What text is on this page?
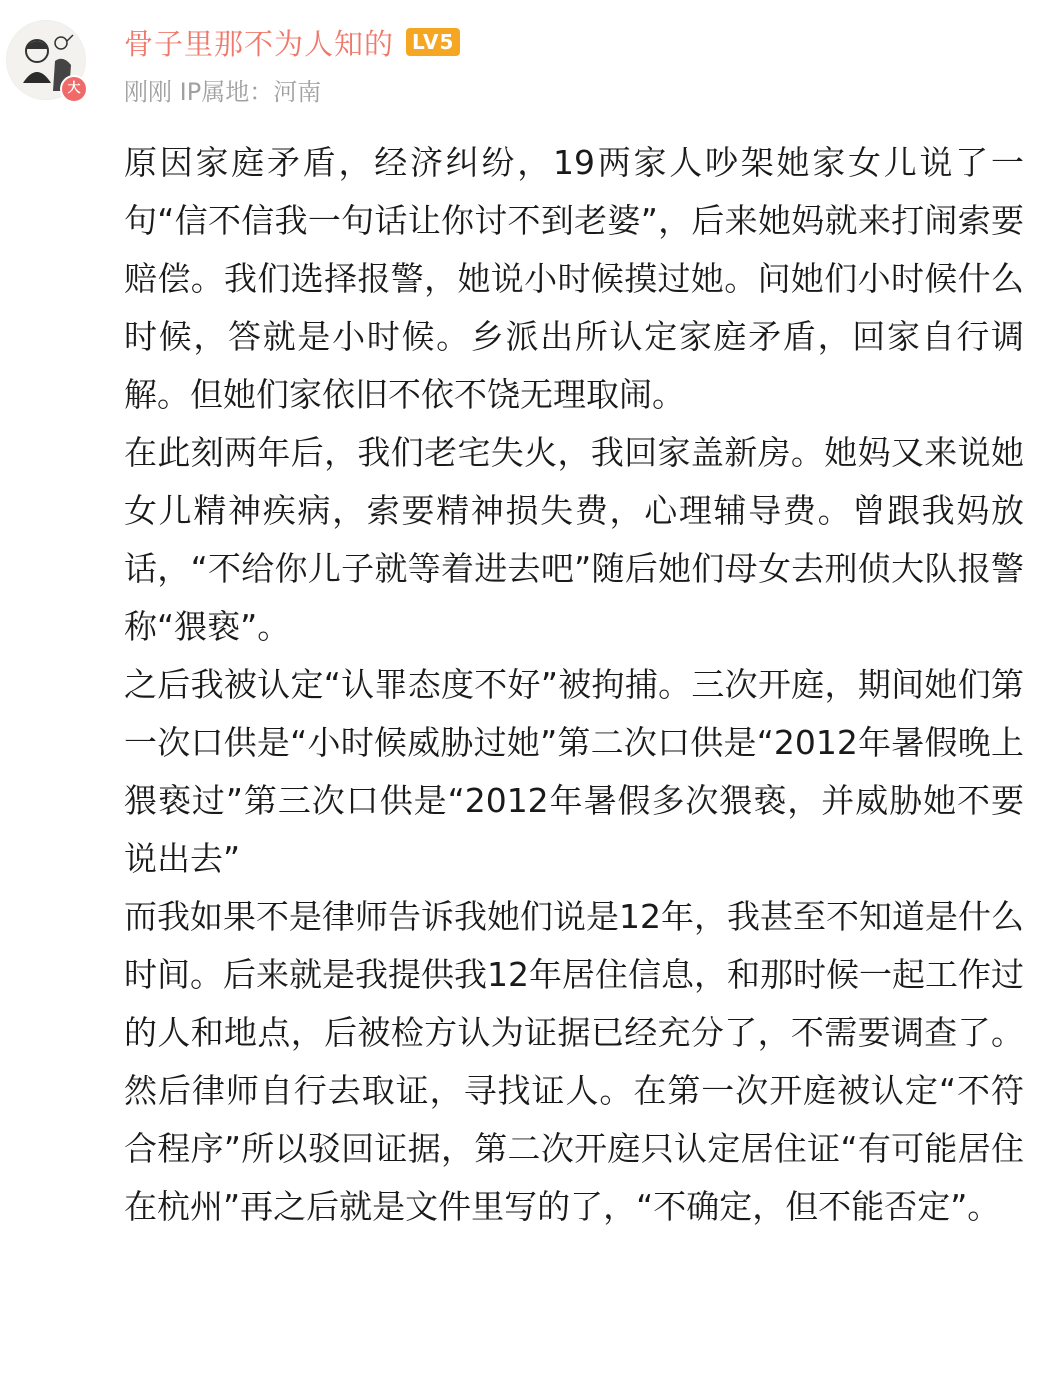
大
骨子里那不为人知的 LV5
刚刚 IP属地：河南

原因家庭矛盾，经济纠纷，19两家人吵架她家女儿说了一句“信不信我一句话让你讨不到老婆”，后来她妈就来打闹索要赔偿。我们选择报警，她说小时候摸过她。问她们小时候什么时候，答就是小时候。乡派出所认定家庭矛盾，回家自行调解。但她们家依旧不依不饶无理取闹。

在此刻两年后，我们老宅失火，我回家盖新房。她妈又来说她女儿精神疾病，索要精神损失费，心理辅导费。曾跟我妈放话，“不给你儿子就等着进去吧”随后她们母女去刑侦大队报警称“猥亵”。

之后我被认定“认罪态度不好”被拘捕。三次开庭，期间她们第一次口供是“小时候威胁过她”第二次口供是“2012年暑假晚上猥亵过”第三次口供是“2012年暑假多次猥亵，并威胁她不要说出去”

而我如果不是律师告诉我她们说是12年，我甚至不知道是什么时间。后来就是我提供我12年居住信息，和那时候一起工作过的人和地点，后被检方认为证据已经充分了，不需要调查了。然后律师自行去取证，寻找证人。在第一次开庭被认定“不符合程序”所以驳回证据，第二次开庭只认定居住证“有可能居住在杭州”再之后就是文件里写的了，“不确定，但不能否定”。
